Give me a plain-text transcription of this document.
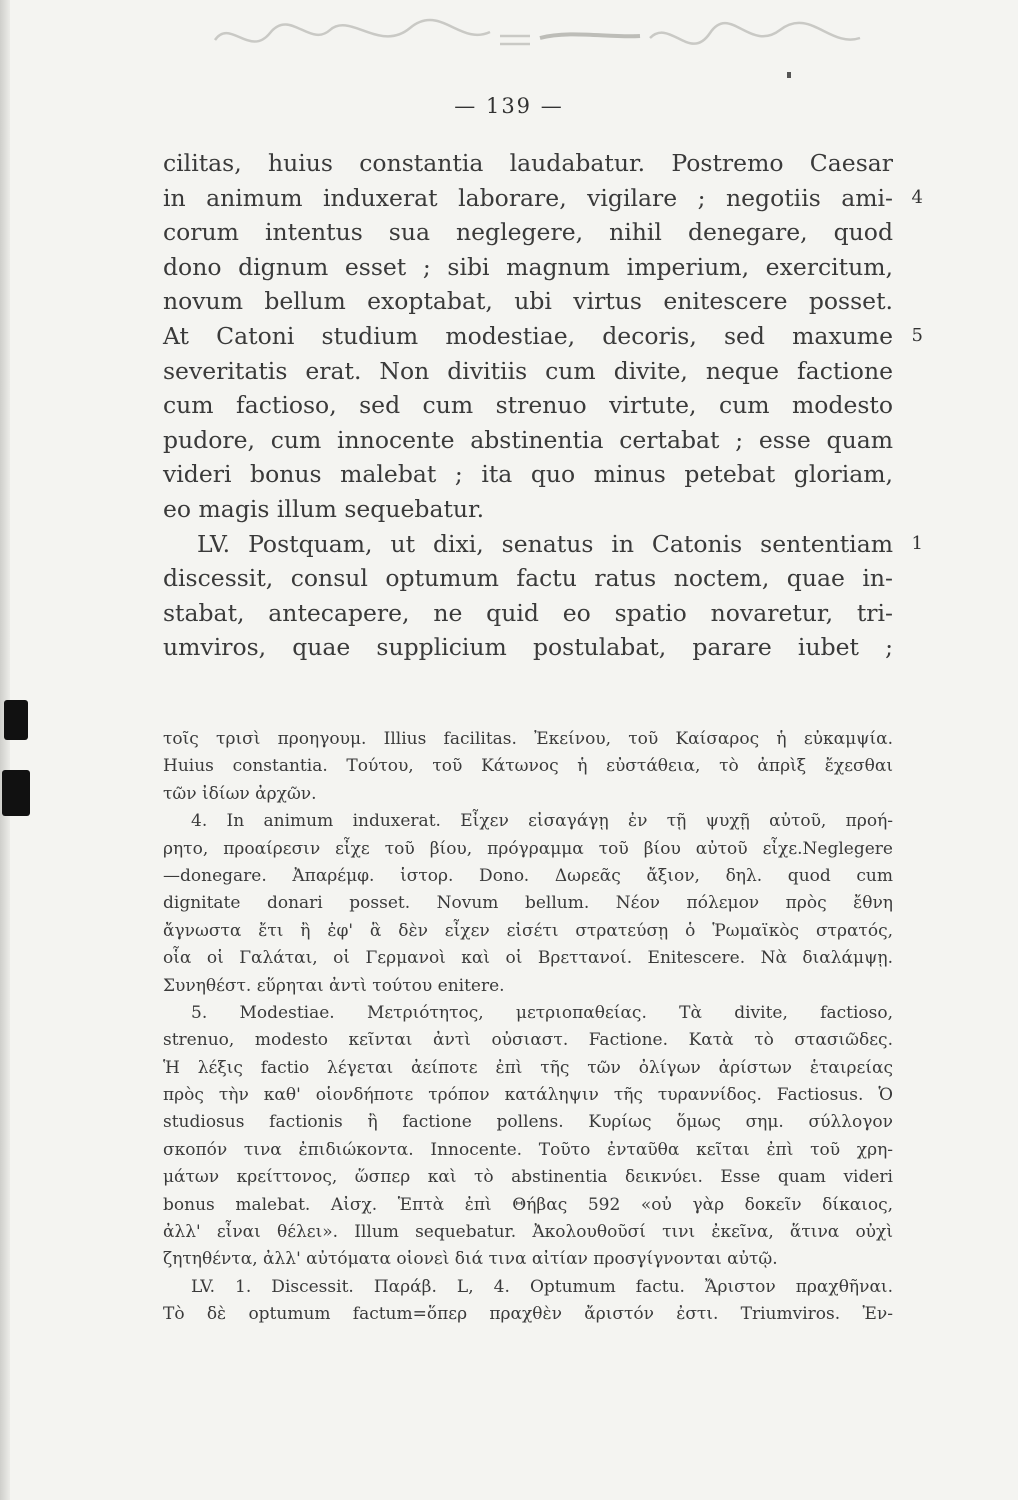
— 139 —
cilitas, huius constantia laudabatur. Postremo Caesar
in animum induxerat laborare, vigilare ; negotiis ami- 4
corum intentus sua neglegere, nihil denegare, quod
dono dignum esset ; sibi magnum imperium, exercitum,
novum bellum exoptabat, ubi virtus enitescere posset.
At Catoni studium modestiae, decoris, sed maxume 5
severitatis erat. Non divitiis cum divite, neque factione
cum factioso, sed cum strenuo virtute, cum modesto
pudore, cum innocente abstinentia certabat ; esse quam
videri bonus malebat ; ita quo minus petebat gloriam,
eo magis illum sequebatur.
LV. Postquam, ut dixi, senatus in Catonis sententiam 1
discessit, consul optumum factu ratus noctem, quae in-
stabat, antecapere, ne quid eo spatio novaretur, tri-
umviros, quae supplicium postulabat, parare iubet ;
τοῖς τρισὶ προηγουμ. Illius facilitas. Ἐκείνου, τοῦ Καίσαρος ἡ εὐκαμψία.
Huius constantia. Τούτου, τοῦ Κάτωνος ἡ εὐστάθεια, τὸ ἀπρὶξ ἔχεσθαι
τῶν ἰδίων ἀρχῶν.
4. In animum induxerat. Εἶχεν εἰσαγάγῃ ἐν τῇ ψυχῇ αὐτοῦ, προή-
ρητο, προαίρεσιν εἶχε τοῦ βίου, πρόγραμμα τοῦ βίου αὐτοῦ εἶχε.Neglegere
—donegare. Ἀπαρέμφ. ἱστορ. Dono. Δωρεᾶς ἄξιον, δηλ. quod cum
dignitate donari posset. Novum bellum. Νέον πόλεμον πρὸς ἔθνη
ἄγνωστα ἔτι ἢ ἐφ' ἃ δὲν εἶχεν εἰσέτι στρατεύσῃ ὁ Ῥωμαϊκὸς στρατός,
οἷα οἱ Γαλάται, οἱ Γερμανοὶ καὶ οἱ Βρεττανοί. Enitescere. Νὰ διαλάμψῃ.
Συνηθέστ. εὕρηται ἀντὶ τούτου enitere.
5. Modestiae. Μετριότητος, μετριοπαθείας. Τὰ divite, factioso,
strenuo, modesto κεῖνται ἀντὶ οὐσιαστ. Factione. Κατὰ τὸ στασιῶδες.
Ἡ λέξις factio λέγεται ἀείποτε ἐπὶ τῆς τῶν ὀλίγων ἀρίστων ἑταιρείας
πρὸς τὴν καθ' οἱονδήποτε τρόπον κατάληψιν τῆς τυραννίδος. Factiosus. Ὁ
studiosus factionis ἢ factione pollens. Κυρίως ὅμως σημ. σύλλογον
σκοπόν τινα ἐπιδιώκοντα. Innocente. Τοῦτο ἐνταῦθα κεῖται ἐπὶ τοῦ χρη-
μάτων κρείττονος, ὥσπερ καὶ τὸ abstinentia δεικνύει. Esse quam videri
bonus malebat. Αἰσχ. Ἑπτὰ ἐπὶ Θήβας 592 «οὐ γὰρ δοκεῖν δίκαιος,
ἀλλ' εἶναι θέλει». Illum sequebatur. Ἀκολουθοῦσί τινι ἐκεῖνα, ἅτινα οὐχὶ
ζητηθέντα, ἀλλ' αὐτόματα οἱονεὶ διά τινα αἰτίαν προσγίγνονται αὐτῷ.
LV. 1. Discessit. Παράβ. L, 4. Optumum factu. Ἄριστον πραχθῆναι.
Τὸ δὲ optumum factum=ὅπερ πραχθὲν ἄριστόν ἐστι. Triumviros. Ἐν-
